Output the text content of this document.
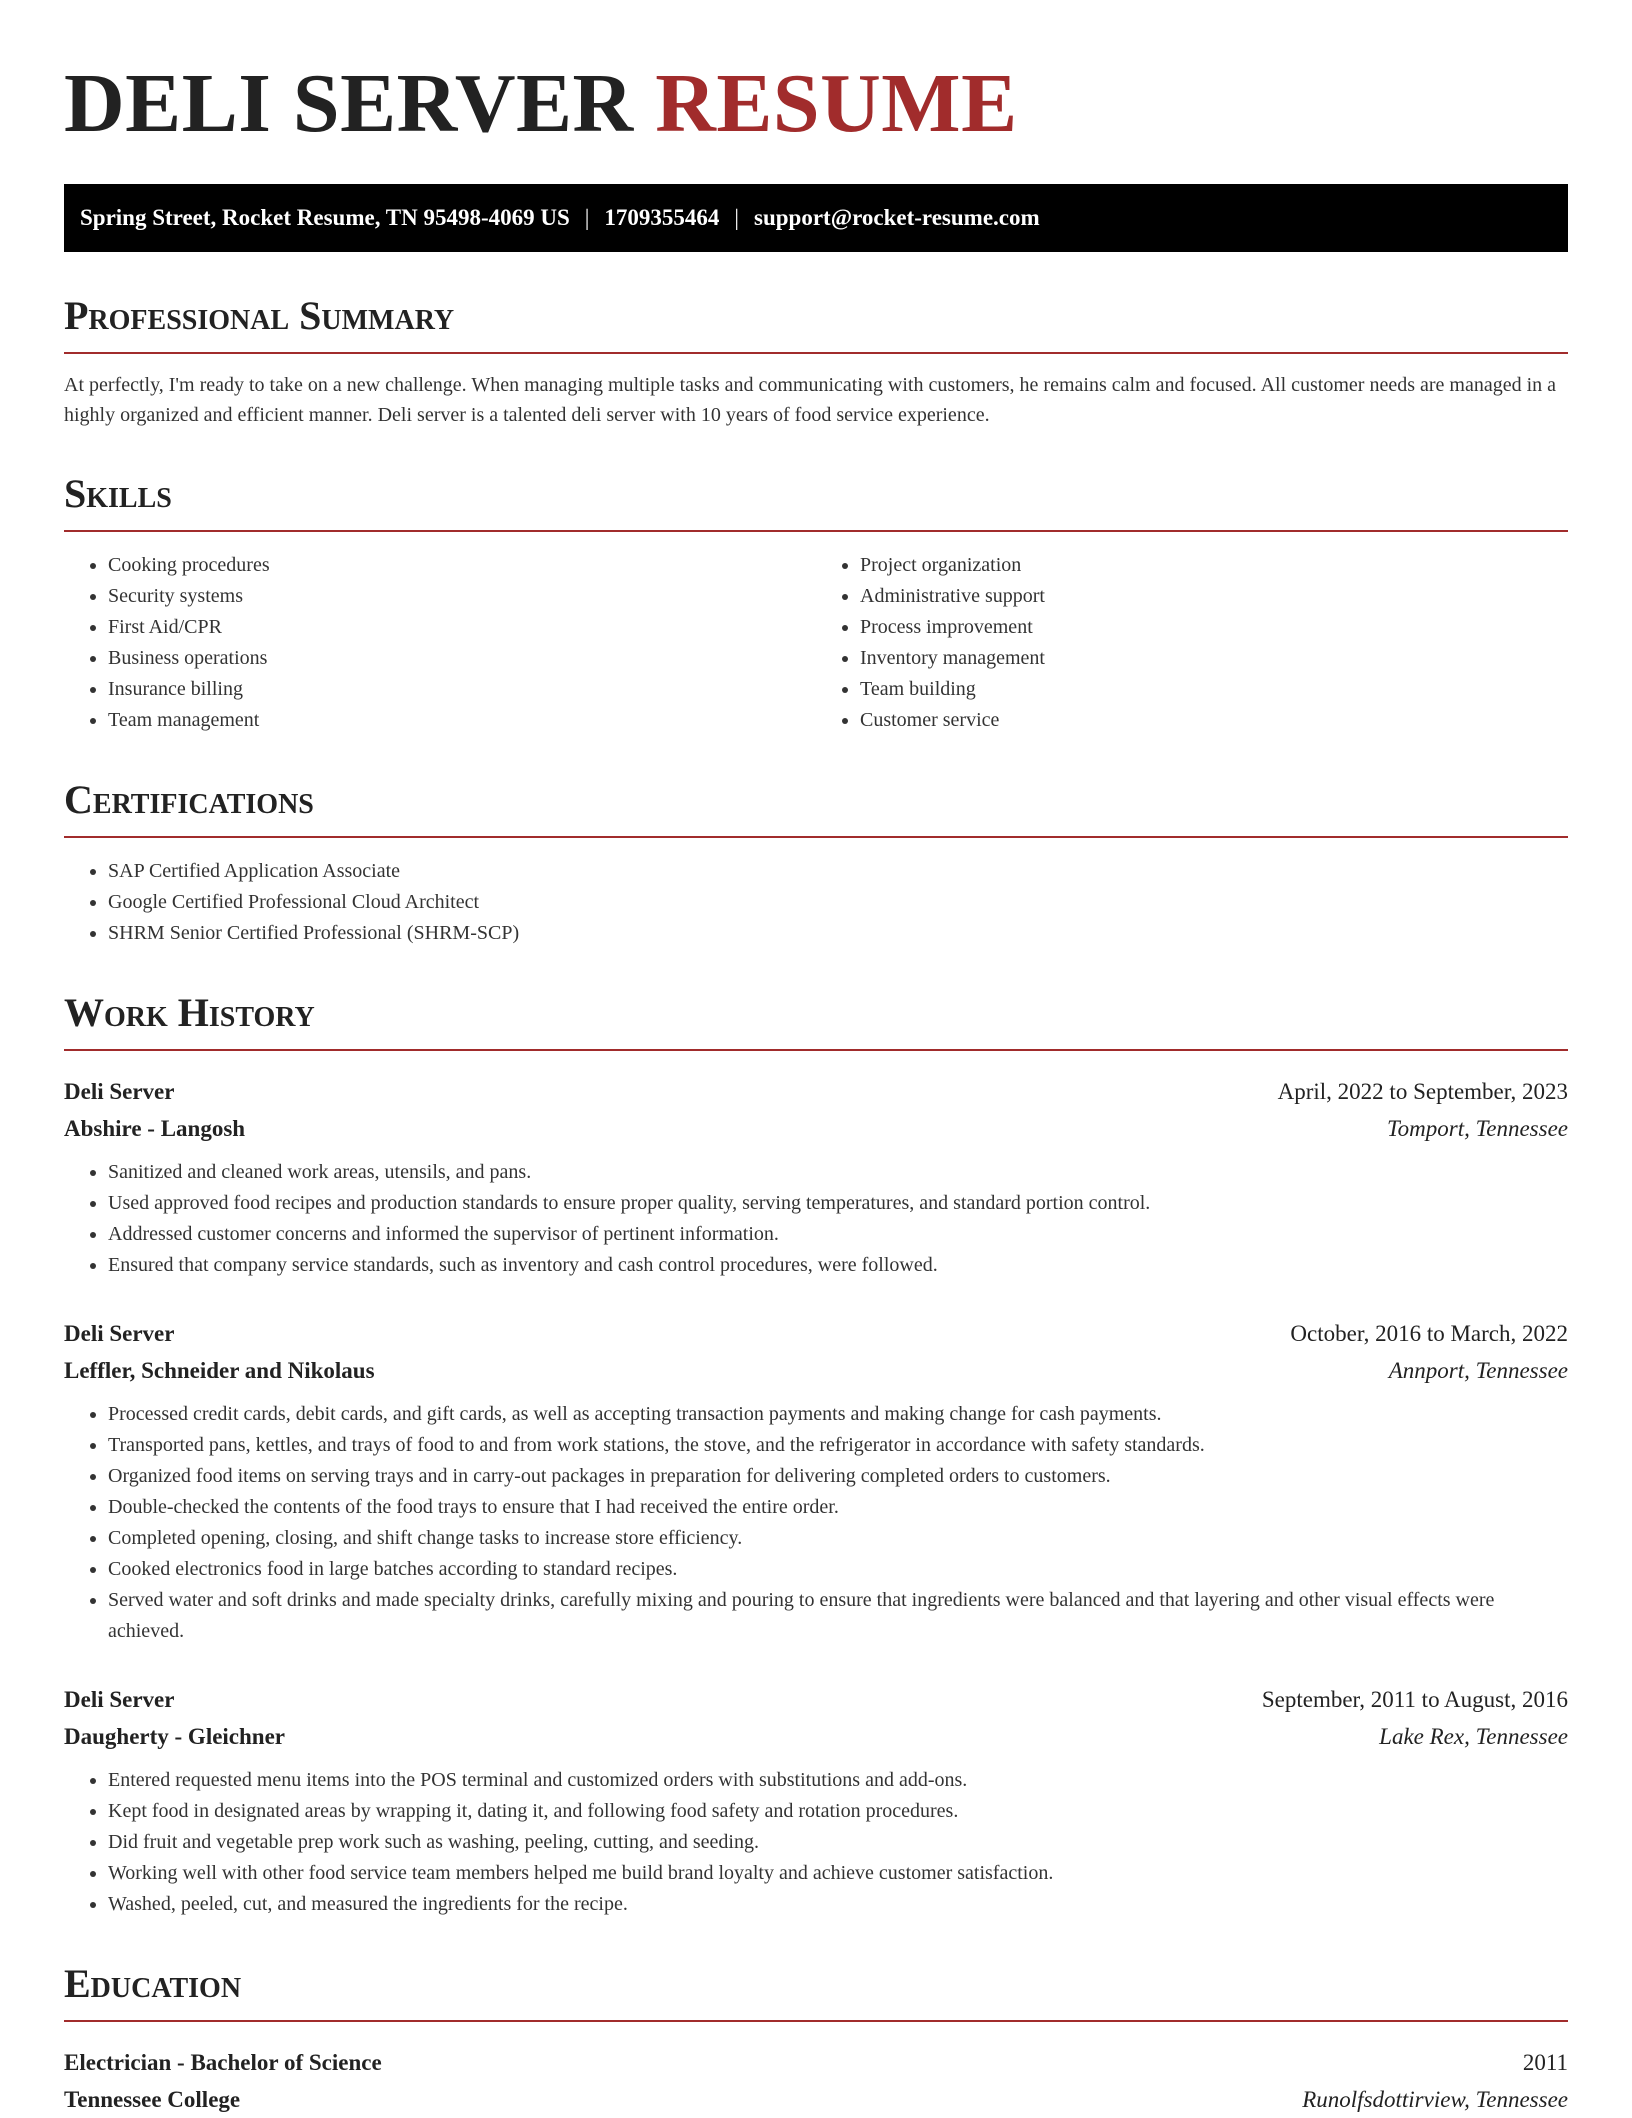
DELI SERVER RESUME
Spring Street, Rocket Resume, TN 95498-4069 US | 1709355464 | support@rocket-resume.com
Professional Summary

At perfectly, I'm ready to take on a new challenge. When managing multiple tasks and communicating with customers, he remains calm and focused. All customer needs are managed in a highly organized and efficient manner. Deli server is a talented deli server with 10 years of food service experience.

Skills
• Cooking procedures
• Security systems
• First Aid/CPR
• Business operations
• Insurance billing
• Team management
• Project organization
• Administrative support
• Process improvement
• Inventory management
• Team building
• Customer service
Certifications
• SAP Certified Application Associate
• Google Certified Professional Cloud Architect
• SHRM Senior Certified Professional (SHRM-SCP)
Work History
Deli Server	April, 2022 to September, 2023
Abshire - Langosh	Tomport, Tennessee
• Sanitized and cleaned work areas, utensils, and pans.
• Used approved food recipes and production standards to ensure proper quality, serving temperatures, and standard portion control.
• Addressed customer concerns and informed the supervisor of pertinent information.
• Ensured that company service standards, such as inventory and cash control procedures, were followed.
Deli Server	October, 2016 to March, 2022
Leffler, Schneider and Nikolaus	Annport, Tennessee
• Processed credit cards, debit cards, and gift cards, as well as accepting transaction payments and making change for cash payments.
• Transported pans, kettles, and trays of food to and from work stations, the stove, and the refrigerator in accordance with safety standards.
• Organized food items on serving trays and in carry-out packages in preparation for delivering completed orders to customers.
• Double-checked the contents of the food trays to ensure that I had received the entire order.
• Completed opening, closing, and shift change tasks to increase store efficiency.
• Cooked electronics food in large batches according to standard recipes.
• Served water and soft drinks and made specialty drinks, carefully mixing and pouring to ensure that ingredients were balanced and that layering and other visual effects were achieved.
Deli Server	September, 2011 to August, 2016
Daugherty - Gleichner	Lake Rex, Tennessee
• Entered requested menu items into the POS terminal and customized orders with substitutions and add-ons.
• Kept food in designated areas by wrapping it, dating it, and following food safety and rotation procedures.
• Did fruit and vegetable prep work such as washing, peeling, cutting, and seeding.
• Working well with other food service team members helped me build brand loyalty and achieve customer satisfaction.
• Washed, peeled, cut, and measured the ingredients for the recipe.
Education
Electrician - Bachelor of Science	2011
Tennessee College	Runolfsdottirview, Tennessee
